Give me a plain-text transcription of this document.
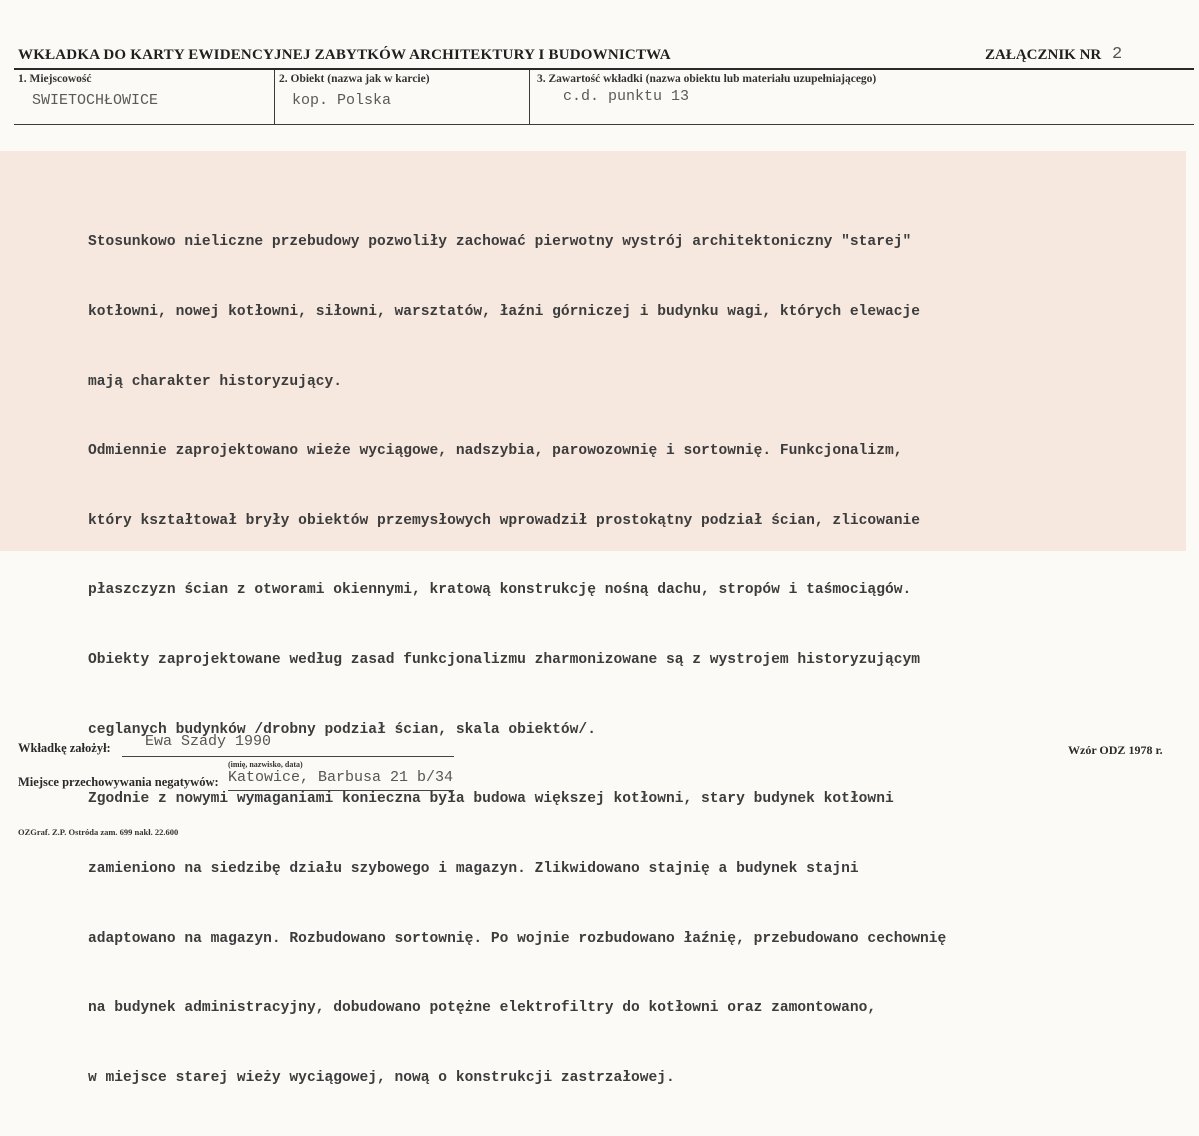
WKŁADKA DO KARTY EWIDENCYJNEJ ZABYTKÓW ARCHITEKTURY I BUDOWNICTWA	ZAŁĄCZNIK NR 2
1. Miejscowość
SWIETOCHŁOWICE
2. Obiekt (nazwa jak w karcie)
kop. Polska
3. Zawartość wkładki (nazwa obiektu lub materiału uzupełniającego)
c.d. punktu 13

Stosunkowo nieliczne przebudowy pozwoliły zachować pierwotny wystrój architektoniczny "starej"

kotłowni, nowej kotłowni, siłowni, warsztatów, łaźni górniczej i budynku wagi, których elewacje

mają charakter historyzujący.

Odmiennie zaprojektowano wieże wyciągowe, nadszybia, parowozownię i sortownię. Funkcjonalizm,

który kształtował bryły obiektów przemysłowych wprowadził prostokątny podział ścian, zlicowanie

płaszczyzn ścian z otworami okiennymi, kratową konstrukcję nośną dachu, stropów i taśmociągów.

Obiekty zaprojektowane według zasad funkcjonalizmu zharmonizowane są z wystrojem historyzującym

ceglanych budynków /drobny podział ścian, skala obiektów/.

Zgodnie z nowymi wymaganiami konieczna była budowa większej kotłowni, stary budynek kotłowni

zamieniono na siedzibę działu szybowego i magazyn. Zlikwidowano stajnię a budynek stajni

adaptowano na magazyn. Rozbudowano sortownię. Po wojnie rozbudowano łaźnię, przebudowano cechownię

na budynek administracyjny, dobudowano potężne elektrofiltry do kotłowni oraz zamontowano,

w miejsce starej wieży wyciągowej, nową o konstrukcji zastrzałowej.

Wkładkę założył: Ewa Szady 1990
(imię, nazwisko, data)
Miejsce przechowywania negatywów: Katowice, Barbusa 21 b/34
Wzór ODZ 1978 r.
OZGraf. Z.P. Ostróda zam. 699 nakł. 22.600
